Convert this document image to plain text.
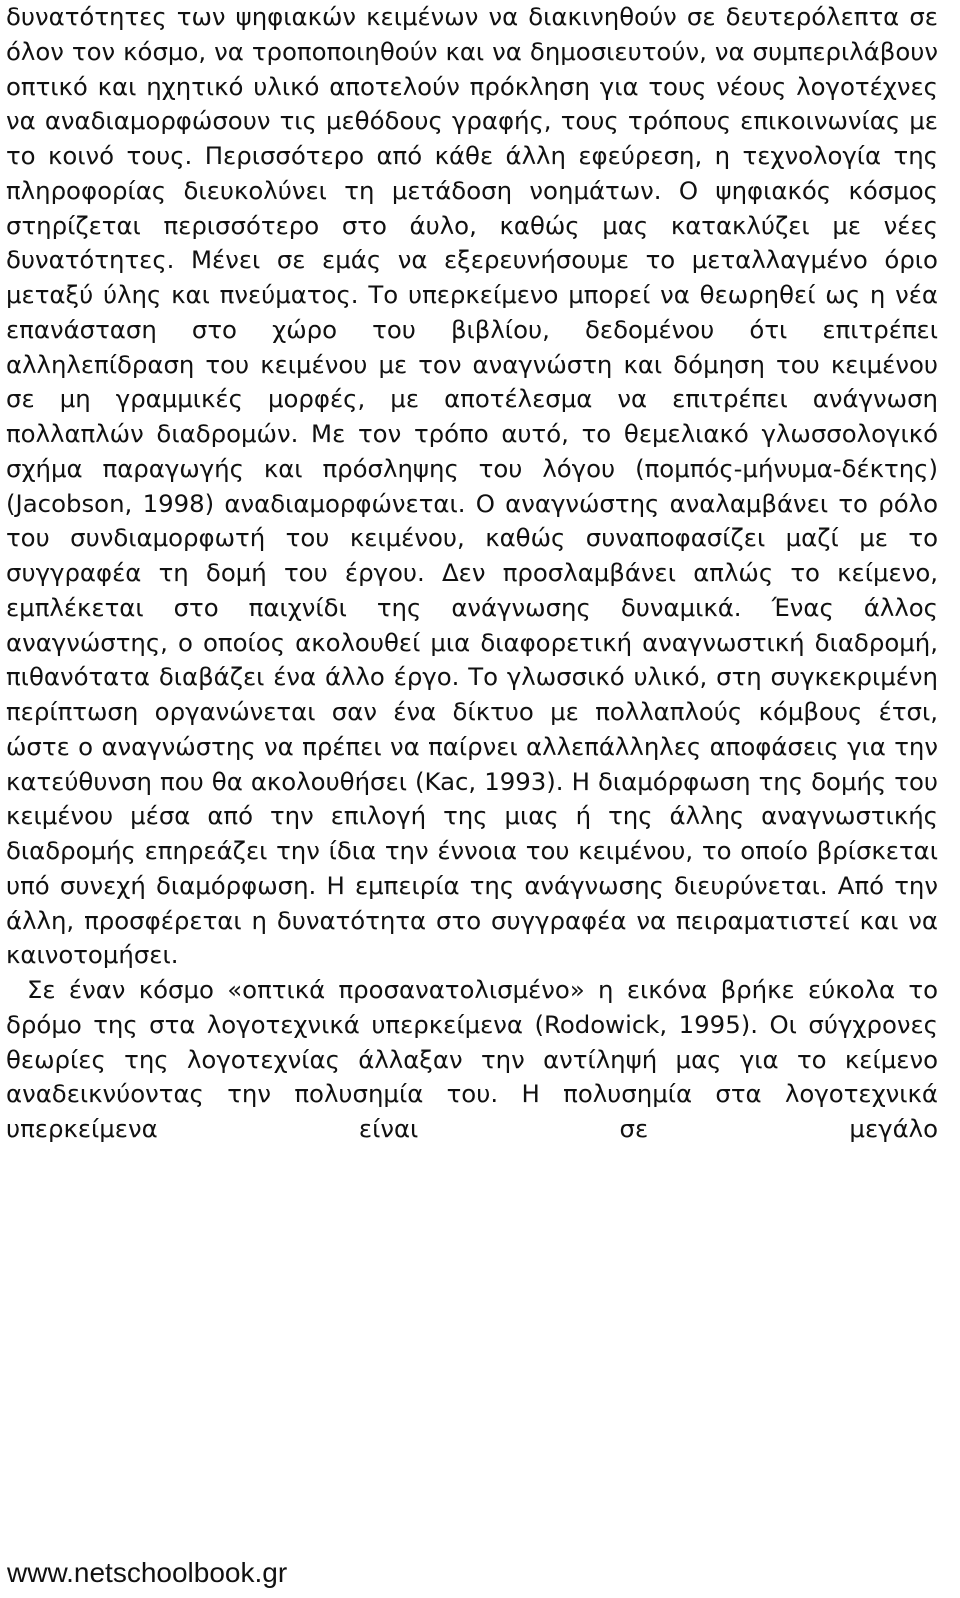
δυνατότητες των ψηφιακών κειμένων να διακινηθούν σε δευτερόλεπτα σε όλον τον κόσμο, να τροποποιηθούν και να δημοσιευτούν, να συμπεριλάβουν οπτικό και ηχητικό υλικό αποτελούν πρόκληση για τους νέους λογοτέχνες να αναδιαμορφώσουν τις μεθόδους γραφής, τους τρόπους επικοινωνίας με το κοινό τους. Περισσότερο από κάθε άλλη εφεύρεση, η τεχνολογία της πληροφορίας διευκολύνει τη μετάδοση νοημάτων. Ο ψηφιακός κόσμος στηρίζεται περισσότερο στο άυλο, καθώς μας κατακλύζει με νέες δυνατότητες. Μένει σε εμάς να εξερευνήσουμε το μεταλλαγμένο όριο μεταξύ ύλης και πνεύματος. Το υπερκείμενο μπορεί να θεωρηθεί ως η νέα επανάσταση στο χώρο του βιβλίου, δεδομένου ότι επιτρέπει αλληλεπίδραση του κειμένου με τον αναγνώστη και δόμηση του κειμένου σε μη γραμμικές μορφές, με αποτέλεσμα να επιτρέπει ανάγνωση πολλαπλών διαδρομών. Με τον τρόπο αυτό, το θεμελιακό γλωσσολογικό σχήμα παραγωγής και πρόσληψης του λόγου (πομπός-μήνυμα-δέκτης) (Jacobson, 1998) αναδιαμορφώνεται. Ο αναγνώστης αναλαμβάνει το ρόλο του συνδιαμορφωτή του κειμένου, καθώς συναποφασίζει μαζί με το συγγραφέα τη δομή του έργου. Δεν προσλαμβάνει απλώς το κείμενο, εμπλέκεται στο παιχνίδι της ανάγνωσης δυναμικά. Ένας άλλος αναγνώστης, ο οποίος ακολουθεί μια διαφορετική αναγνωστική διαδρομή, πιθανότατα διαβάζει ένα άλλο έργο. Το γλωσσικό υλικό, στη συγκεκριμένη περίπτωση οργανώνεται σαν ένα δίκτυο με πολλαπλούς κόμβους έτσι, ώστε ο αναγνώστης να πρέπει να παίρνει αλλεπάλληλες αποφάσεις για την κατεύθυνση που θα ακολουθήσει (Kac, 1993). Η διαμόρφωση της δομής του κειμένου μέσα από την επιλογή της μιας ή της άλλης αναγνωστικής διαδρομής επηρεάζει την ίδια την έννοια του κειμένου, το οποίο βρίσκεται υπό συνεχή διαμόρφωση. Η εμπειρία της ανάγνωσης διευρύνεται. Από την άλλη, προσφέρεται η δυνατότητα στο συγγραφέα να πειραματιστεί και να καινοτομήσει.

Σε έναν κόσμο «οπτικά προσανατολισμένο» η εικόνα βρήκε εύκολα το δρόμο της στα λογοτεχνικά υπερκείμενα (Rodowick, 1995). Οι σύγχρονες θεωρίες της λογοτεχνίας άλλαξαν την αντίληψή μας για το κείμενο αναδεικνύοντας την πολυσημία του. Η πολυσημία στα λογοτεχνικά υπερκείμενα είναι σε μεγάλο

www.netschoolbook.gr
